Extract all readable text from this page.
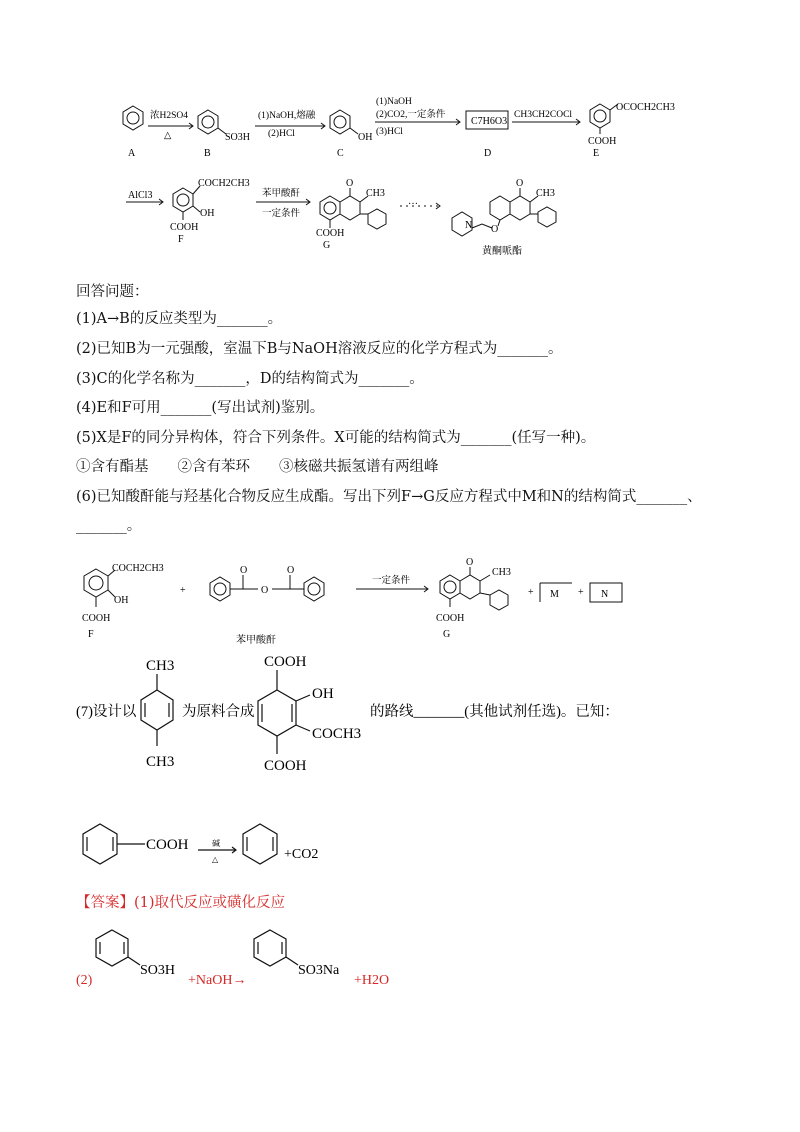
A
浓H2SO4
△
B
SO3H
(1)NaOH,熔融
(2)HCl
C
OH
(1)NaOH
(2)CO2,一定条件
(3)HCl
C7H6O3
D
CH3CH2COCl
OCOCH2CH3
COOH
E
AlCl3
COCH2CH3
OH
COOH
F
苯甲酸酐
一定条件
O
CH3
COOH
G
…
O
CH3
O
N
黄酮哌酯
回答问题：
(1)A→B的反应类型为_______。
(2)已知B为一元强酸，室温下B与NaOH溶液反应的化学方程式为_______。
(3)C的化学名称为_______，D的结构简式为_______。
(4)E和F可用_______(写出试剂)鉴别。
(5)X是F的同分异构体，符合下列条件。X可能的结构简式为_______(任写一种)。
①含有酯基　　②含有苯环　　③核磁共振氢谱有两组峰
(6)已知酸酐能与羟基化合物反应生成酯。写出下列F→G反应方程式中M和N的结构简式_______、
_______。
COCH2CH3
OH
COOH
F
+
O
O
O
苯甲酸酐
一定条件
O
CH3
COOH
G
+ M + N
CH3
CH3
(7)设计以	为原料合成
COOH
OH
COCH3
COOH
的路线_______(其他试剂任选)。已知：
COOH	碱
△	+CO2
【答案】(1)取代反应或磺化反应
(2)
SO3H
+NaOH→
SO3Na
+H2O
